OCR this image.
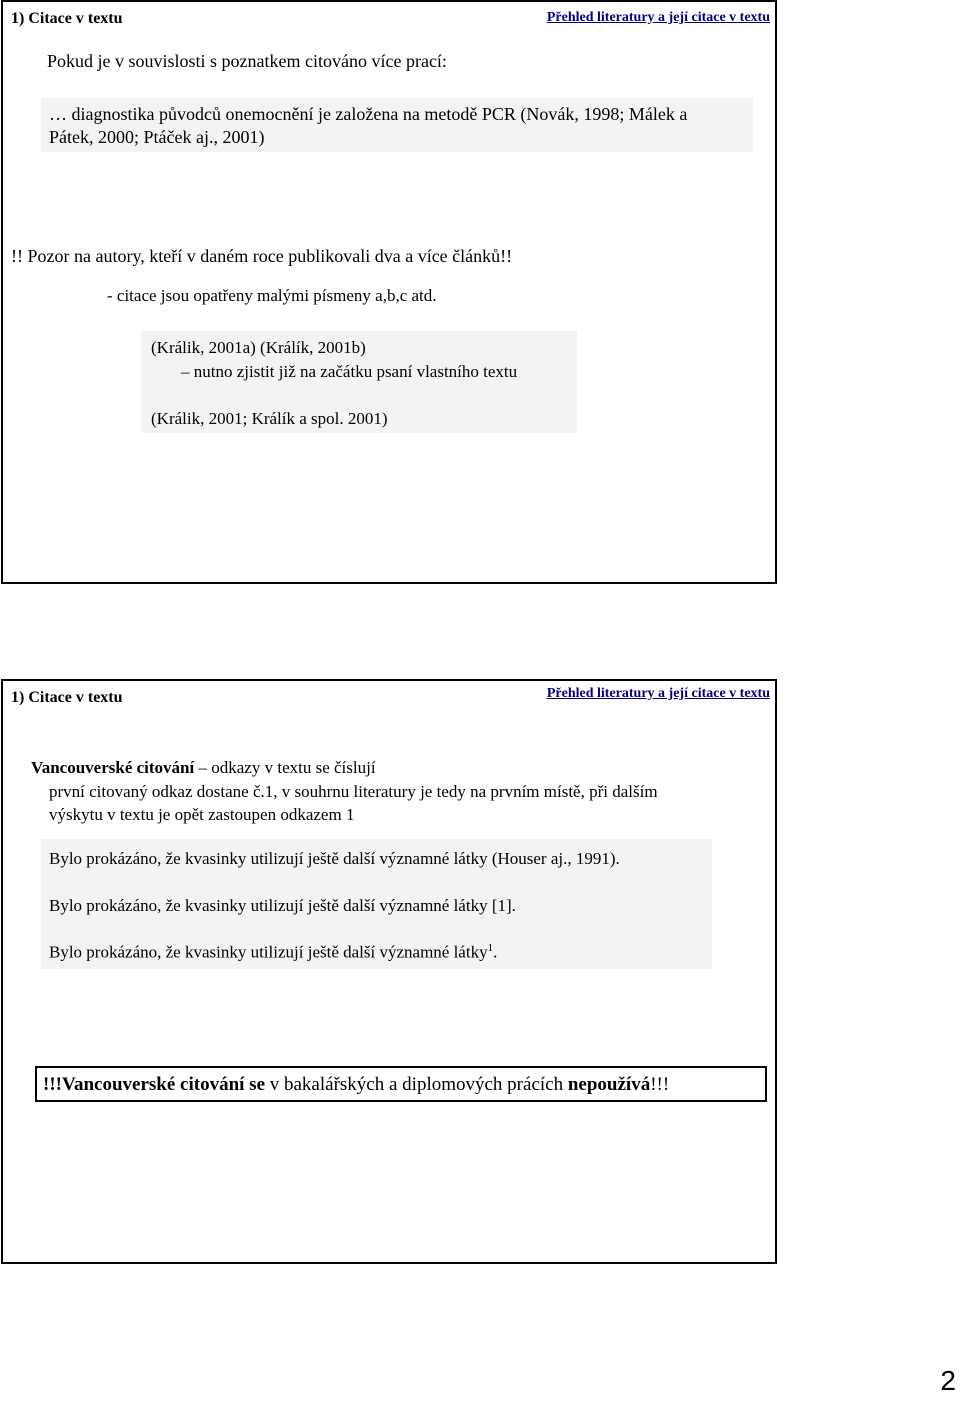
1) Citace v textu	Přehled literatury a její citace v textu
Pokud je v souvislosti s poznatkem citováno více prací:
… diagnostika původců onemocnění je založena na metodě PCR (Novák, 1998; Málek a
Pátek, 2000; Ptáček aj., 2001)
!! Pozor na autory, kteří v daném roce publikovali dva a více článků!!
- citace jsou opatřeny malými písmeny a,b,c atd.
(Králik, 2001a) (Králík, 2001b)
– nutno zjistit již na začátku psaní vlastního textu
(Králik, 2001; Králík a spol. 2001)
1) Citace v textu	Přehled literatury a její citace v textu
Vancouverské citování – odkazy v textu se číslují
první citovaný odkaz dostane č.1, v souhrnu literatury je tedy na prvním místě, při dalším
výskytu v textu je opět zastoupen odkazem 1
Bylo prokázáno, že kvasinky utilizují ještě další významné látky (Houser aj., 1991).
Bylo prokázáno, že kvasinky utilizují ještě další významné látky [1].
Bylo prokázáno, že kvasinky utilizují ještě další významné látky$^1$.
!!!Vancouverské citování se v bakalářských a diplomových prácích nepoužívá!!!
2
